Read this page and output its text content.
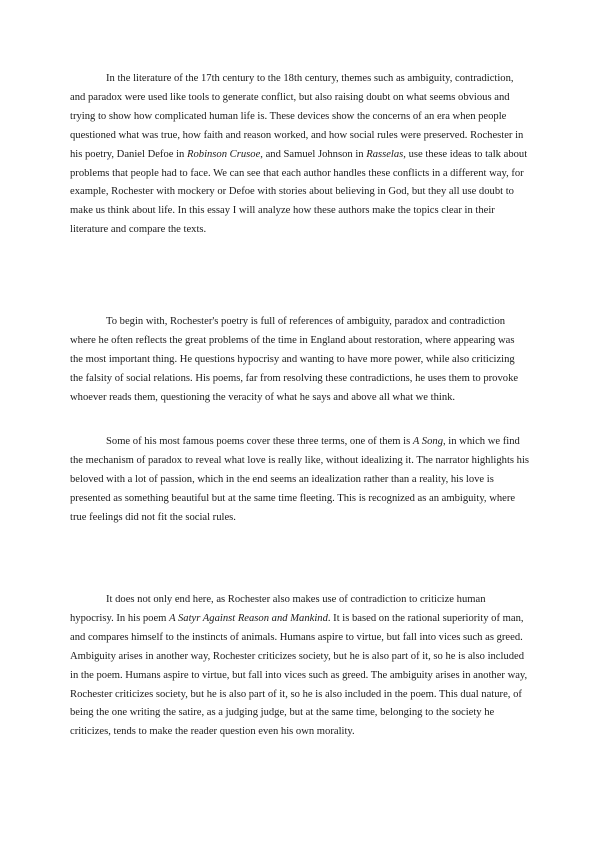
In the literature of the 17th century to the 18th century, themes such as ambiguity, contradiction, and paradox were used like tools to generate conflict, but also raising doubt on what seems obvious and trying to show how complicated human life is. These devices show the concerns of an era when people questioned what was true, how faith and reason worked, and how social rules were preserved. Rochester in his poetry, Daniel Defoe in Robinson Crusoe, and Samuel Johnson in Rasselas, use these ideas to talk about problems that people had to face. We can see that each author handles these conflicts in a different way, for example, Rochester with mockery or Defoe with stories about believing in God, but they all use doubt to make us think about life. In this essay I will analyze how these authors make the topics clear in their literature and compare the texts.

To begin with, Rochester's poetry is full of references of ambiguity, paradox and contradiction where he often reflects the great problems of the time in England about restoration, where appearing was the most important thing. He questions hypocrisy and wanting to have more power, while also criticizing the falsity of social relations. His poems, far from resolving these contradictions, he uses them to provoke whoever reads them, questioning the veracity of what he says and above all what we think.

Some of his most famous poems cover these three terms, one of them is A Song, in which we find the mechanism of paradox to reveal what love is really like, without idealizing it. The narrator highlights his beloved with a lot of passion, which in the end seems an idealization rather than a reality, his love is presented as something beautiful but at the same time fleeting. This is recognized as an ambiguity, where true feelings did not fit the social rules.

It does not only end here, as Rochester also makes use of contradiction to criticize human hypocrisy. In his poem A Satyr Against Reason and Mankind. It is based on the rational superiority of man, and compares himself to the instincts of animals. Humans aspire to virtue, but fall into vices such as greed. Ambiguity arises in another way, Rochester criticizes society, but he is also part of it, so he is also included in the poem. Humans aspire to virtue, but fall into vices such as greed. The ambiguity arises in another way, Rochester criticizes society, but he is also part of it, so he is also included in the poem. This dual nature, of being the one writing the satire, as a judging judge, but at the same time, belonging to the society he criticizes, tends to make the reader question even his own morality.
